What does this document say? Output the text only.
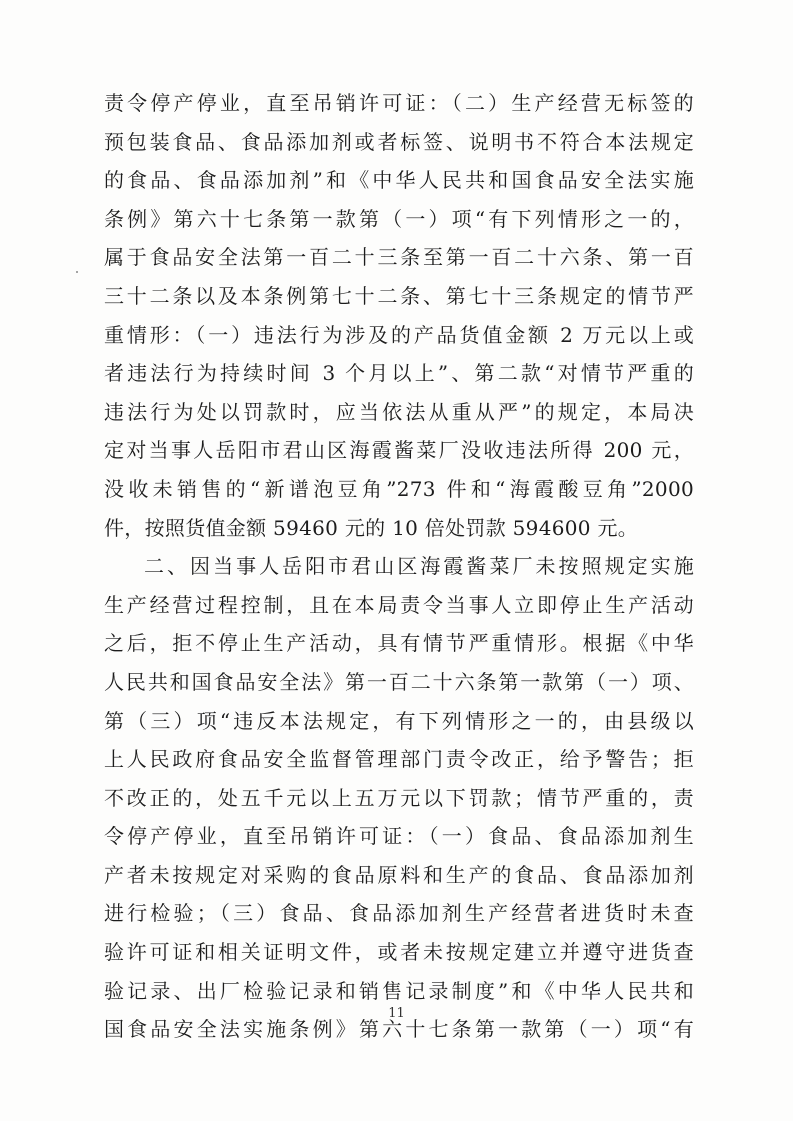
责令停产停业，直至吊销许可证：（二）生产经营无标签的
预包装食品、食品添加剂或者标签、说明书不符合本法规定
的食品、食品添加剂”和《中华人民共和国食品安全法实施
条例》第六十七条第一款第（一）项“有下列情形之一的，
属于食品安全法第一百二十三条至第一百二十六条、第一百
三十二条以及本条例第七十二条、第七十三条规定的情节严
重情形：（一）违法行为涉及的产品货值金额 2 万元以上或
者违法行为持续时间 3 个月以上”、第二款“对情节严重的
违法行为处以罚款时，应当依法从重从严”的规定，本局决
定对当事人岳阳市君山区海霞酱菜厂没收违法所得 200 元，
没收未销售的“新谱泡豆角”273 件和“海霞酸豆角”2000
件，按照货值金额 59460 元的 10 倍处罚款 594600 元。
二、因当事人岳阳市君山区海霞酱菜厂未按照规定实施
生产经营过程控制，且在本局责令当事人立即停止生产活动
之后，拒不停止生产活动，具有情节严重情形。根据《中华
人民共和国食品安全法》第一百二十六条第一款第（一）项、
第（三）项“违反本法规定，有下列情形之一的，由县级以
上人民政府食品安全监督管理部门责令改正，给予警告；拒
不改正的，处五千元以上五万元以下罚款；情节严重的，责
令停产停业，直至吊销许可证：（一）食品、食品添加剂生
产者未按规定对采购的食品原料和生产的食品、食品添加剂
进行检验；（三）食品、食品添加剂生产经营者进货时未查
验许可证和相关证明文件，或者未按规定建立并遵守进货查
验记录、出厂检验记录和销售记录制度”和《中华人民共和
国食品安全法实施条例》第六十七条第一款第（一）项“有
11
